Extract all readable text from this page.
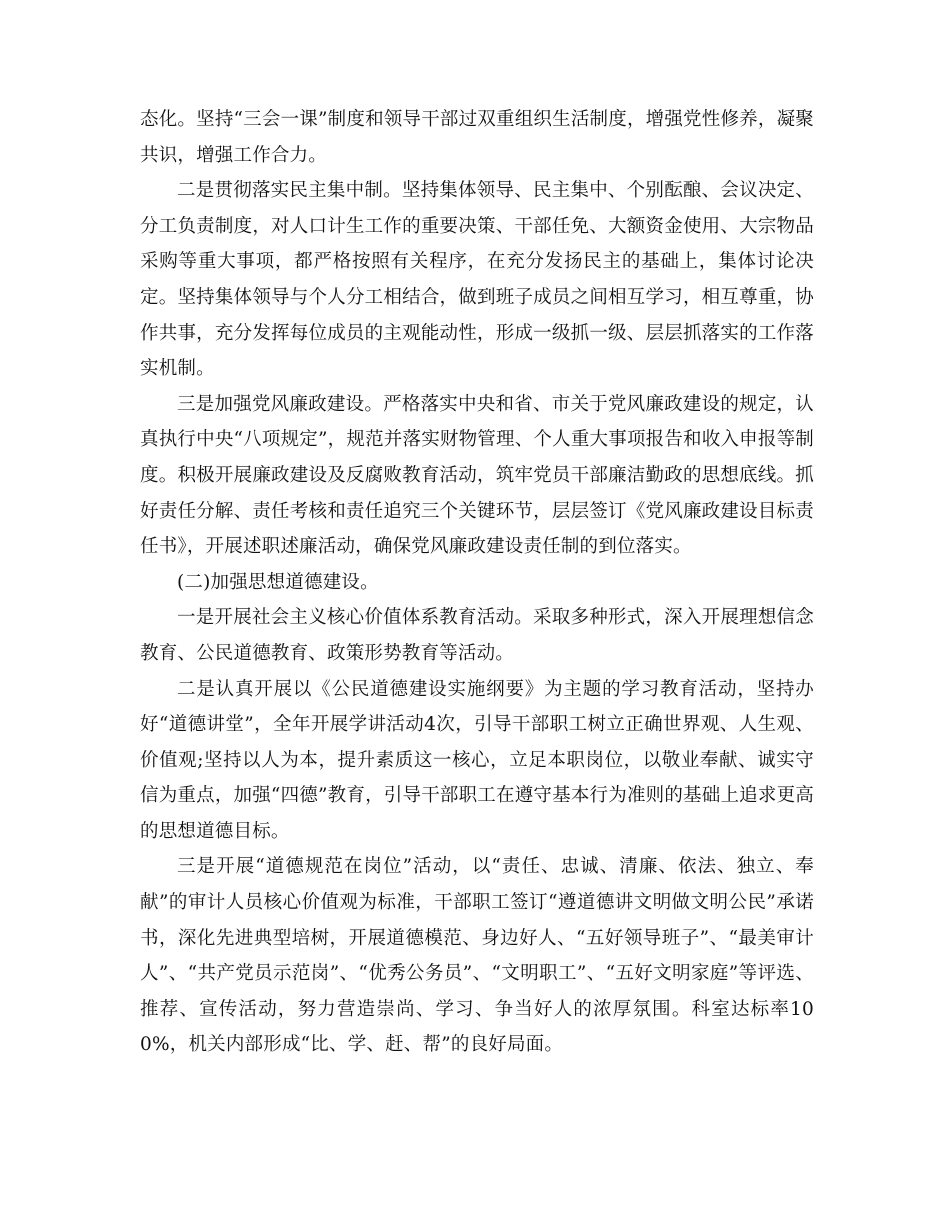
态化。坚持“三会一课”制度和领导干部过双重组织生活制度，增强党性修养，凝聚共识，增强工作合力。

二是贯彻落实民主集中制。坚持集体领导、民主集中、个别酝酿、会议决定、分工负责制度，对人口计生工作的重要决策、干部任免、大额资金使用、大宗物品采购等重大事项，都严格按照有关程序，在充分发扬民主的基础上，集体讨论决定。坚持集体领导与个人分工相结合，做到班子成员之间相互学习，相互尊重，协作共事，充分发挥每位成员的主观能动性，形成一级抓一级、层层抓落实的工作落实机制。

三是加强党风廉政建设。严格落实中央和省、市关于党风廉政建设的规定，认真执行中央“八项规定”，规范并落实财物管理、个人重大事项报告和收入申报等制度。积极开展廉政建设及反腐败教育活动，筑牢党员干部廉洁勤政的思想底线。抓好责任分解、责任考核和责任追究三个关键环节，层层签订《党风廉政建设目标责任书》，开展述职述廉活动，确保党风廉政建设责任制的到位落实。

(二)加强思想道德建设。

一是开展社会主义核心价值体系教育活动。采取多种形式，深入开展理想信念教育、公民道德教育、政策形势教育等活动。

二是认真开展以《公民道德建设实施纲要》为主题的学习教育活动，坚持办好“道德讲堂”，全年开展学讲活动4次，引导干部职工树立正确世界观、人生观、价值观;坚持以人为本，提升素质这一核心，立足本职岗位，以敬业奉献、诚实守信为重点，加强“四德”教育，引导干部职工在遵守基本行为准则的基础上追求更高的思想道德目标。

三是开展“道德规范在岗位”活动，以“责任、忠诚、清廉、依法、独立、奉献”的审计人员核心价值观为标准，干部职工签订“遵道德讲文明做文明公民”承诺书，深化先进典型培树，开展道德模范、身边好人、“五好领导班子”、“最美审计人”、“共产党员示范岗”、“优秀公务员”、“文明职工”、“五好文明家庭”等评选、推荐、宣传活动，努力营造崇尚、学习、争当好人的浓厚氛围。科室达标率100%，机关内部形成“比、学、赶、帮”的良好局面。
